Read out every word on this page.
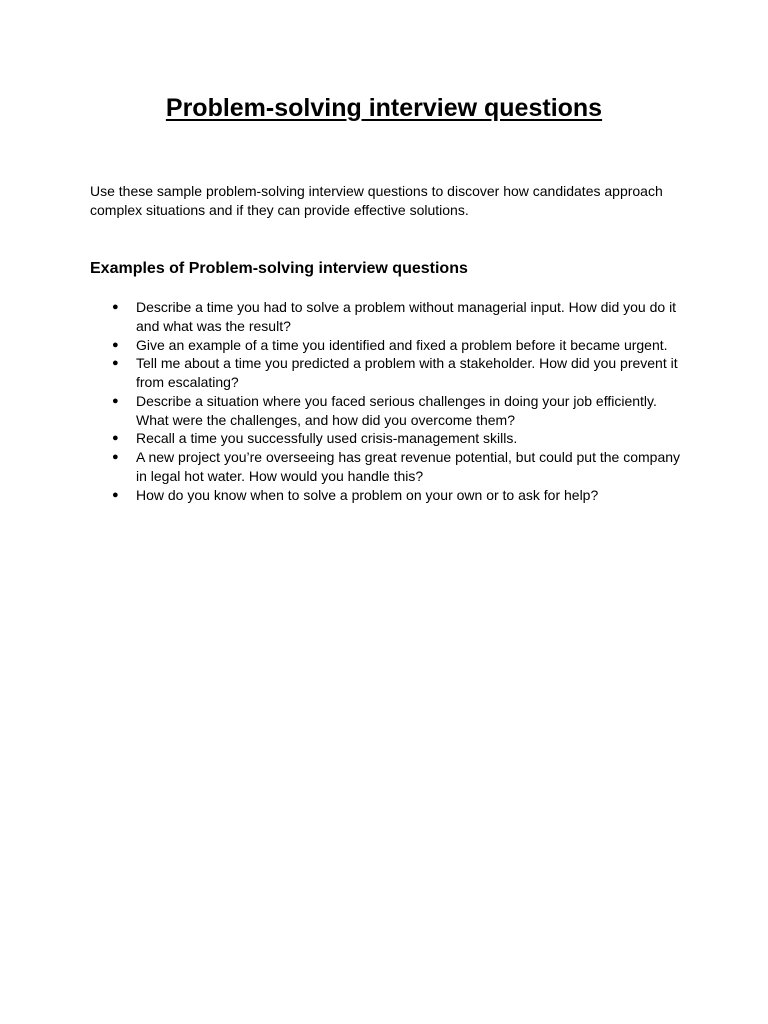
Problem-solving interview questions

Use these sample problem-solving interview questions to discover how candidates approach complex situations and if they can provide effective solutions.

Examples of Problem-solving interview questions
● Describe a time you had to solve a problem without managerial input. How did you do it and what was the result?
● Give an example of a time you identified and fixed a problem before it became urgent.
● Tell me about a time you predicted a problem with a stakeholder. How did you prevent it from escalating?
● Describe a situation where you faced serious challenges in doing your job efficiently. What were the challenges, and how did you overcome them?
● Recall a time you successfully used crisis-management skills.
● A new project you’re overseeing has great revenue potential, but could put the company in legal hot water. How would you handle this?
● How do you know when to solve a problem on your own or to ask for help?
